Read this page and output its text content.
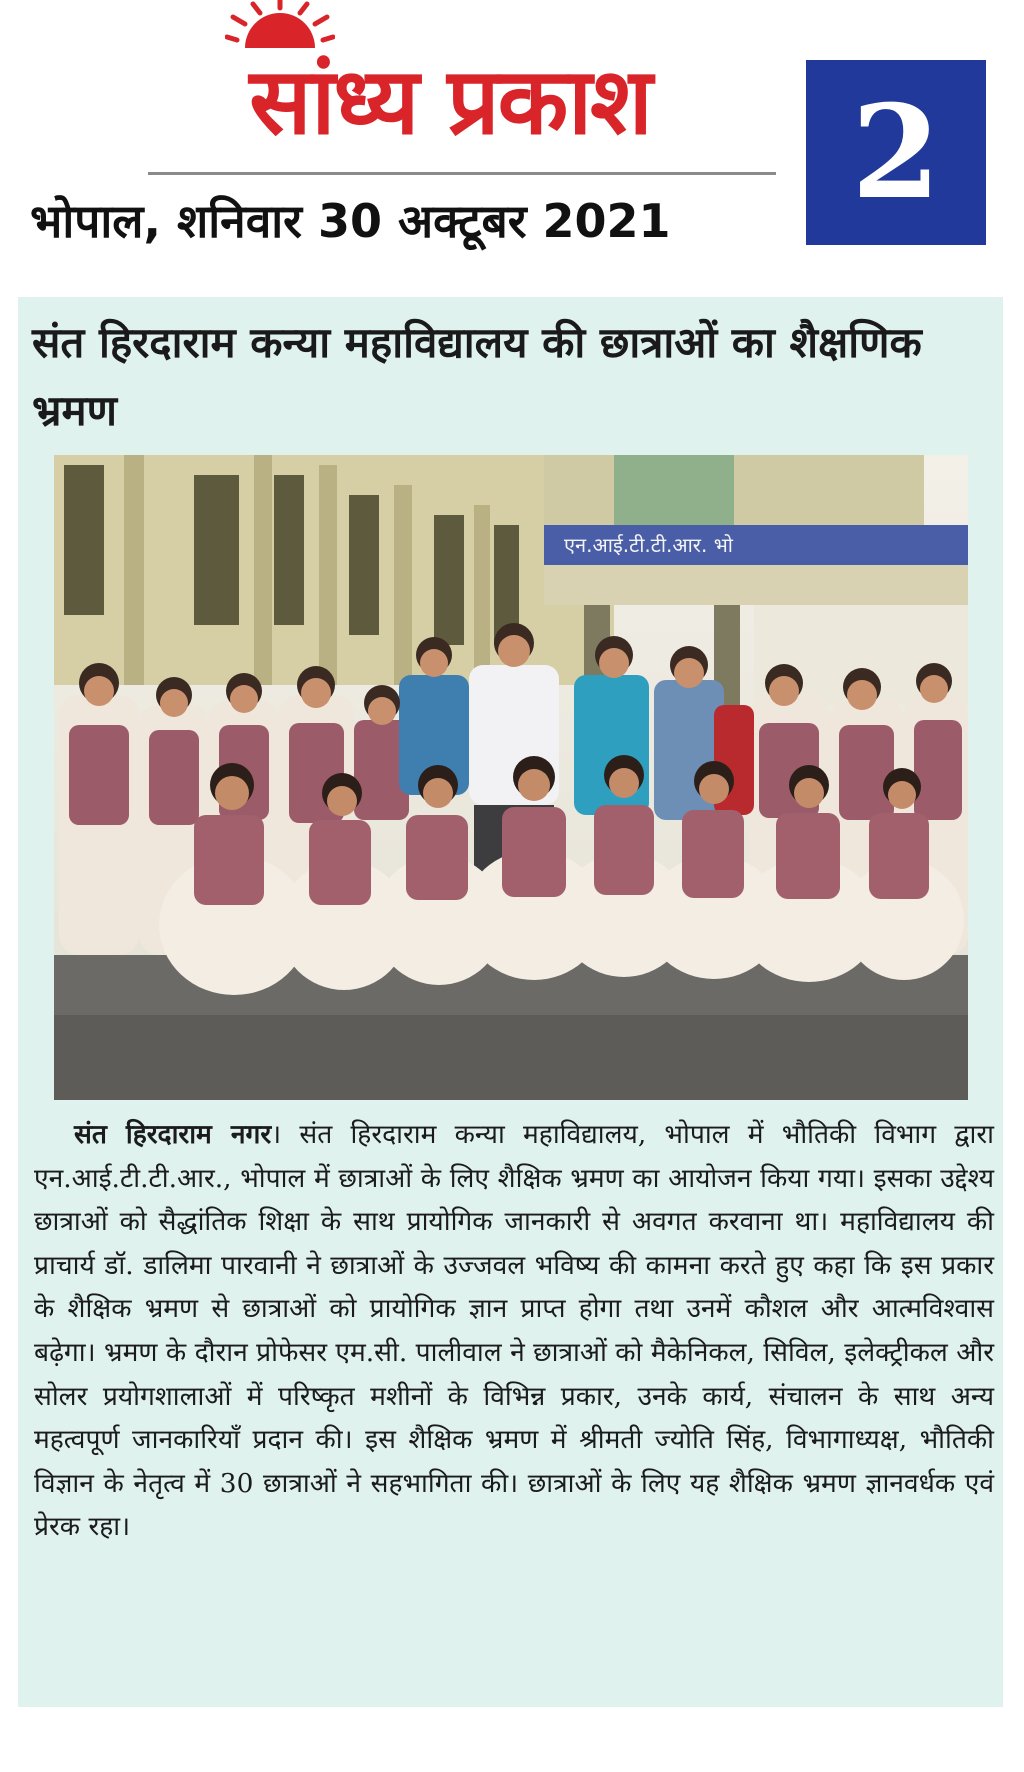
सांध्य प्रकाश
भोपाल, शनिवार 30 अक्टूबर 2021	2
संत हिरदाराम कन्या महाविद्यालय की छात्राओं का शैक्षणिक भ्रमण
एन.आई.टी.टी.आर. भो
संत हिरदाराम नगर। संत हिरदाराम कन्या महाविद्यालय, भोपाल में भौतिकी विभाग द्वारा एन.आई.टी.टी.आर., भोपाल में छात्राओं के लिए शैक्षिक भ्रमण का आयोजन किया गया। इसका उद्देश्य छात्राओं को सैद्धांतिक शिक्षा के साथ प्रायोगिक जानकारी से अवगत करवाना था। महाविद्यालय की प्राचार्य डॉ. डालिमा पारवानी ने छात्राओं के उज्जवल भविष्य की कामना करते हुए कहा कि इस प्रकार के शैक्षिक भ्रमण से छात्राओं को प्रायोगिक ज्ञान प्राप्त होगा तथा उनमें कौशल और आत्मविश्वास बढ़ेगा। भ्रमण के दौरान प्रोफेसर एम.सी. पालीवाल ने छात्राओं को मैकेनिकल, सिविल, इलेक्ट्रीकल और सोलर प्रयोगशालाओं में परिष्कृत मशीनों के विभिन्न प्रकार, उनके कार्य, संचालन के साथ अन्य महत्वपूर्ण जानकारियाँ प्रदान की। इस शैक्षिक भ्रमण में श्रीमती ज्योति सिंह, विभागाध्यक्ष, भौतिकी विज्ञान के नेतृत्व में 30 छात्राओं ने सहभागिता की। छात्राओं के लिए यह शैक्षिक भ्रमण ज्ञानवर्धक एवं प्रेरक रहा।
